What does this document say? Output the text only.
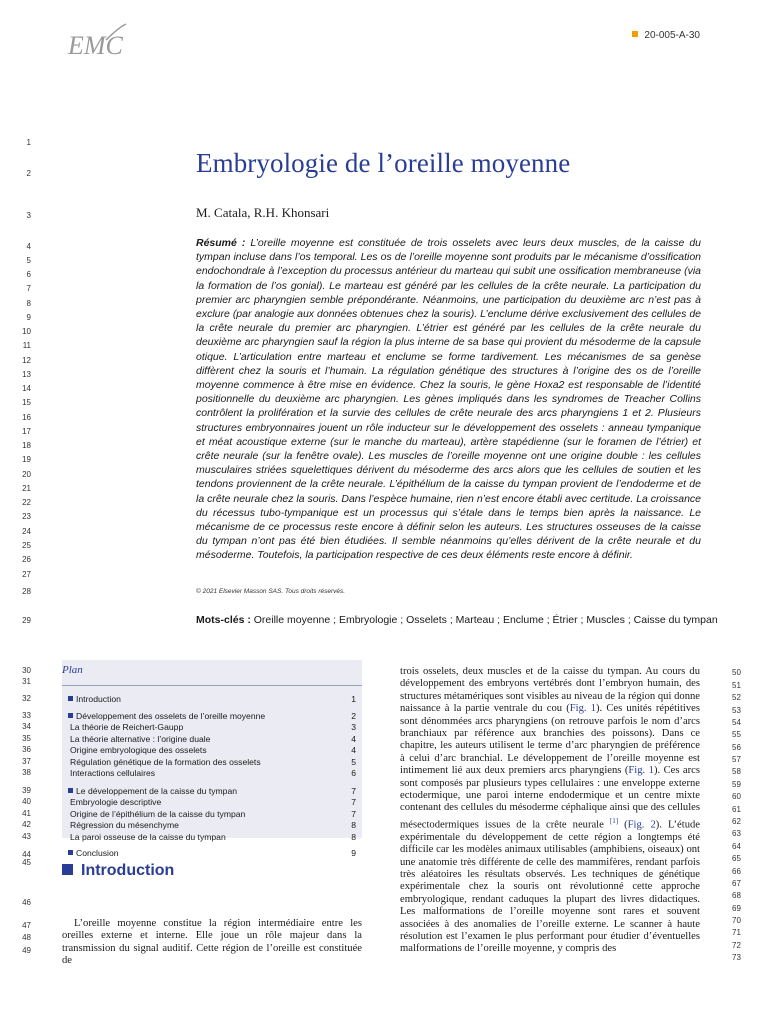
EMC	20-005-A-30
1
2
3
4
5
6
7
8
9
10
11
12
13
14
15
16
17
18
19
20
21
22
23
24
25
26
27
28
29
30
31
32
33
34
35
36
37
38
39
40
41
42
43
44
45
46
47
48
49
50
51
52
53
54
55
56
57
58
59
60
61
62
63
64
65
66
67
68
69
70
71
72
73
Embryologie de l’oreille moyenne
M. Catala, R.H. Khonsari
Résumé : L’oreille moyenne est constituée de trois osselets avec leurs deux muscles, de la caisse du tympan incluse dans l’os temporal. Les os de l’oreille moyenne sont produits par le mécanisme d’ossification endochondrale à l’exception du processus antérieur du marteau qui subit une ossification membraneuse (via la formation de l’os gonial). Le marteau est généré par les cellules de la crête neurale. La participation du premier arc pharyngien semble prépondérante. Néanmoins, une participation du deuxième arc n’est pas à exclure (par analogie aux données obtenues chez la souris). L’enclume dérive exclusivement des cellules de la crête neurale du premier arc pharyngien. L’étrier est généré par les cellules de la crête neurale du deuxième arc pharyngien sauf la région la plus interne de sa base qui provient du mésoderme de la capsule otique. L’articulation entre marteau et enclume se forme tardivement. Les mécanismes de sa genèse diffèrent chez la souris et l’humain. La régulation génétique des structures à l’origine des os de l’oreille moyenne commence à être mise en évidence. Chez la souris, le gène Hoxa2 est responsable de l’identité positionnelle du deuxième arc pharyngien. Les gènes impliqués dans les syndromes de Treacher Collins contrôlent la prolifération et la survie des cellules de crête neurale des arcs pharyngiens 1 et 2. Plusieurs structures embryonnaires jouent un rôle inducteur sur le développement des osselets : anneau tympanique et méat acoustique externe (sur le manche du marteau), artère stapédienne (sur le foramen de l’étrier) et crête neurale (sur la fenêtre ovale). Les muscles de l’oreille moyenne ont une origine double : les cellules musculaires striées squelettiques dérivent du mésoderme des arcs alors que les cellules de soutien et les tendons proviennent de la crête neurale. L’épithélium de la caisse du tympan provient de l’endoderme et de la crête neurale chez la souris. Dans l’espèce humaine, rien n’est encore établi avec certitude. La croissance du récessus tubo-tympanique est un processus qui s’étale dans le temps bien après la naissance. Le mécanisme de ce processus reste encore à définir selon les auteurs. Les structures osseuses de la caisse du tympan n’ont pas été bien étudiées. Il semble néanmoins qu’elles dérivent de la crête neurale et du mésoderme. Toutefois, la participation respective de ces deux éléments reste encore à définir.
© 2021 Elsevier Masson SAS. Tous droits réservés.
Mots-clés : Oreille moyenne ; Embryologie ; Osselets ; Marteau ; Enclume ; Étrier ; Muscles ; Caisse du tympan
Plan
Introduction	1
Développement des osselets de l’oreille moyenne	2
La théorie de Reichert-Gaupp	3
La théorie alternative : l’origine duale	4
Origine embryologique des osselets	4
Régulation génétique de la formation des osselets	5
Interactions cellulaires	6
Le développement de la caisse du tympan	7
Embryologie descriptive	7
Origine de l’épithélium de la caisse du tympan	7
Régression du mésenchyme	8
La paroi osseuse de la caisse du tympan	8
Conclusion	9
Introduction
L’oreille moyenne constitue la région intermédiaire entre les oreilles externe et interne. Elle joue un rôle majeur dans la transmission du signal auditif. Cette région de l’oreille est constituée de
trois osselets, deux muscles et de la caisse du tympan. Au cours du développement des embryons vertébrés dont l’embryon humain, des structures métamériques sont visibles au niveau de la région qui donne naissance à la partie ventrale du cou (Fig. 1). Ces unités répétitives sont dénommées arcs pharyngiens (on retrouve parfois le nom d’arcs branchiaux par référence aux branchies des poissons). Dans ce chapitre, les auteurs utilisent le terme d’arc pharyngien de préférence à celui d’arc branchial. Le développement de l’oreille moyenne est intimement lié aux deux premiers arcs pharyngiens (Fig. 1). Ces arcs sont composés par plusieurs types cellulaires : une enveloppe externe ectodermique, une paroi interne endodermique et un centre mixte contenant des cellules du mésoderme céphalique ainsi que des cellules mésectodermiques issues de la crête neurale [1] (Fig. 2). L’étude expérimentale du développement de cette région a longtemps été difficile car les modèles animaux utilisables (amphibiens, oiseaux) ont une anatomie très différente de celle des mammifères, rendant parfois très aléatoires les résultats observés. Les techniques de génétique expérimentale chez la souris ont révolutionné cette approche embryologique, rendant caduques la plupart des livres didactiques. Les malformations de l’oreille moyenne sont rares et souvent associées à des anomalies de l’oreille externe. Le scanner à haute résolution est l’examen le plus performant pour étudier d’éventuelles malformations de l’oreille moyenne, y compris des
